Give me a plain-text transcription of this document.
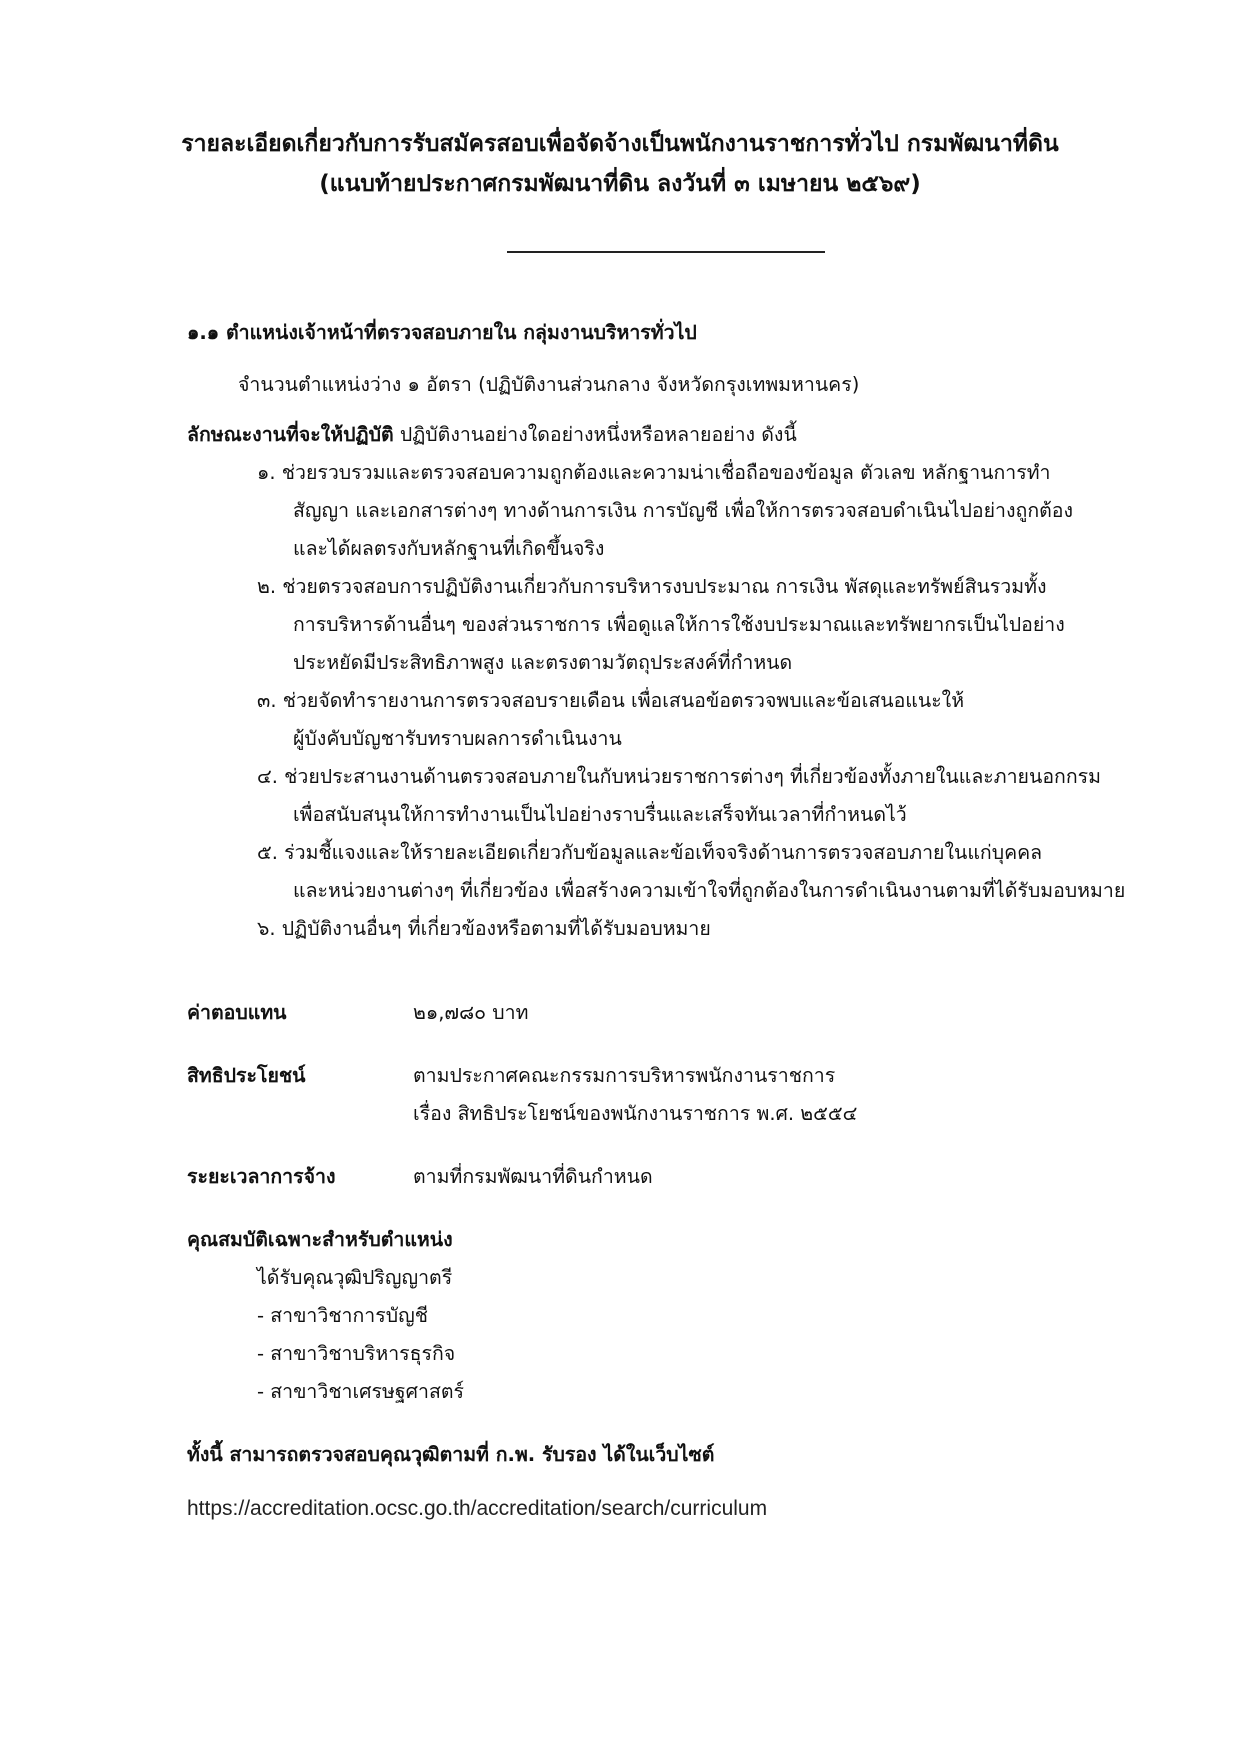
รายละเอียดเกี่ยวกับการรับสมัครสอบเพื่อจัดจ้างเป็นพนักงานราชการทั่วไป กรมพัฒนาที่ดิน
(แนบท้ายประกาศกรมพัฒนาที่ดิน ลงวันที่ ๓ เมษายน ๒๕๖๙)
๑.๑ ตำแหน่งเจ้าหน้าที่ตรวจสอบภายใน กลุ่มงานบริหารทั่วไป
จำนวนตำแหน่งว่าง ๑ อัตรา (ปฏิบัติงานส่วนกลาง จังหวัดกรุงเทพมหานคร)
ลักษณะงานที่จะให้ปฏิบัติ ปฏิบัติงานอย่างใดอย่างหนึ่งหรือหลายอย่าง ดังนี้
๑. ช่วยรวบรวมและตรวจสอบความถูกต้องและความน่าเชื่อถือของข้อมูล ตัวเลข หลักฐานการทำ
สัญญา และเอกสารต่างๆ ทางด้านการเงิน การบัญชี เพื่อให้การตรวจสอบดำเนินไปอย่างถูกต้อง
และได้ผลตรงกับหลักฐานที่เกิดขึ้นจริง
๒. ช่วยตรวจสอบการปฏิบัติงานเกี่ยวกับการบริหารงบประมาณ การเงิน พัสดุและทรัพย์สินรวมทั้ง
การบริหารด้านอื่นๆ ของส่วนราชการ เพื่อดูแลให้การใช้งบประมาณและทรัพยากรเป็นไปอย่าง
ประหยัดมีประสิทธิภาพสูง และตรงตามวัตถุประสงค์ที่กำหนด
๓. ช่วยจัดทำรายงานการตรวจสอบรายเดือน เพื่อเสนอข้อตรวจพบและข้อเสนอแนะให้
ผู้บังคับบัญชารับทราบผลการดำเนินงาน
๔. ช่วยประสานงานด้านตรวจสอบภายในกับหน่วยราชการต่างๆ ที่เกี่ยวข้องทั้งภายในและภายนอกกรม
เพื่อสนับสนุนให้การทำงานเป็นไปอย่างราบรื่นและเสร็จทันเวลาที่กำหนดไว้
๕. ร่วมชี้แจงและให้รายละเอียดเกี่ยวกับข้อมูลและข้อเท็จจริงด้านการตรวจสอบภายในแก่บุคคล
และหน่วยงานต่างๆ ที่เกี่ยวข้อง เพื่อสร้างความเข้าใจที่ถูกต้องในการดำเนินงานตามที่ได้รับมอบหมาย
๖. ปฏิบัติงานอื่นๆ ที่เกี่ยวข้องหรือตามที่ได้รับมอบหมาย
ค่าตอบแทน	๒๑,๗๘๐ บาท
สิทธิประโยชน์	ตามประกาศคณะกรรมการบริหารพนักงานราชการ
เรื่อง สิทธิประโยชน์ของพนักงานราชการ พ.ศ. ๒๕๕๔
ระยะเวลาการจ้าง	ตามที่กรมพัฒนาที่ดินกำหนด
คุณสมบัติเฉพาะสำหรับตำแหน่ง
ได้รับคุณวุฒิปริญญาตรี
- สาขาวิชาการบัญชี
- สาขาวิชาบริหารธุรกิจ
- สาขาวิชาเศรษฐศาสตร์
ทั้งนี้ สามารถตรวจสอบคุณวุฒิตามที่ ก.พ. รับรอง ได้ในเว็บไซต์
https://accreditation.ocsc.go.th/accreditation/search/curriculum
